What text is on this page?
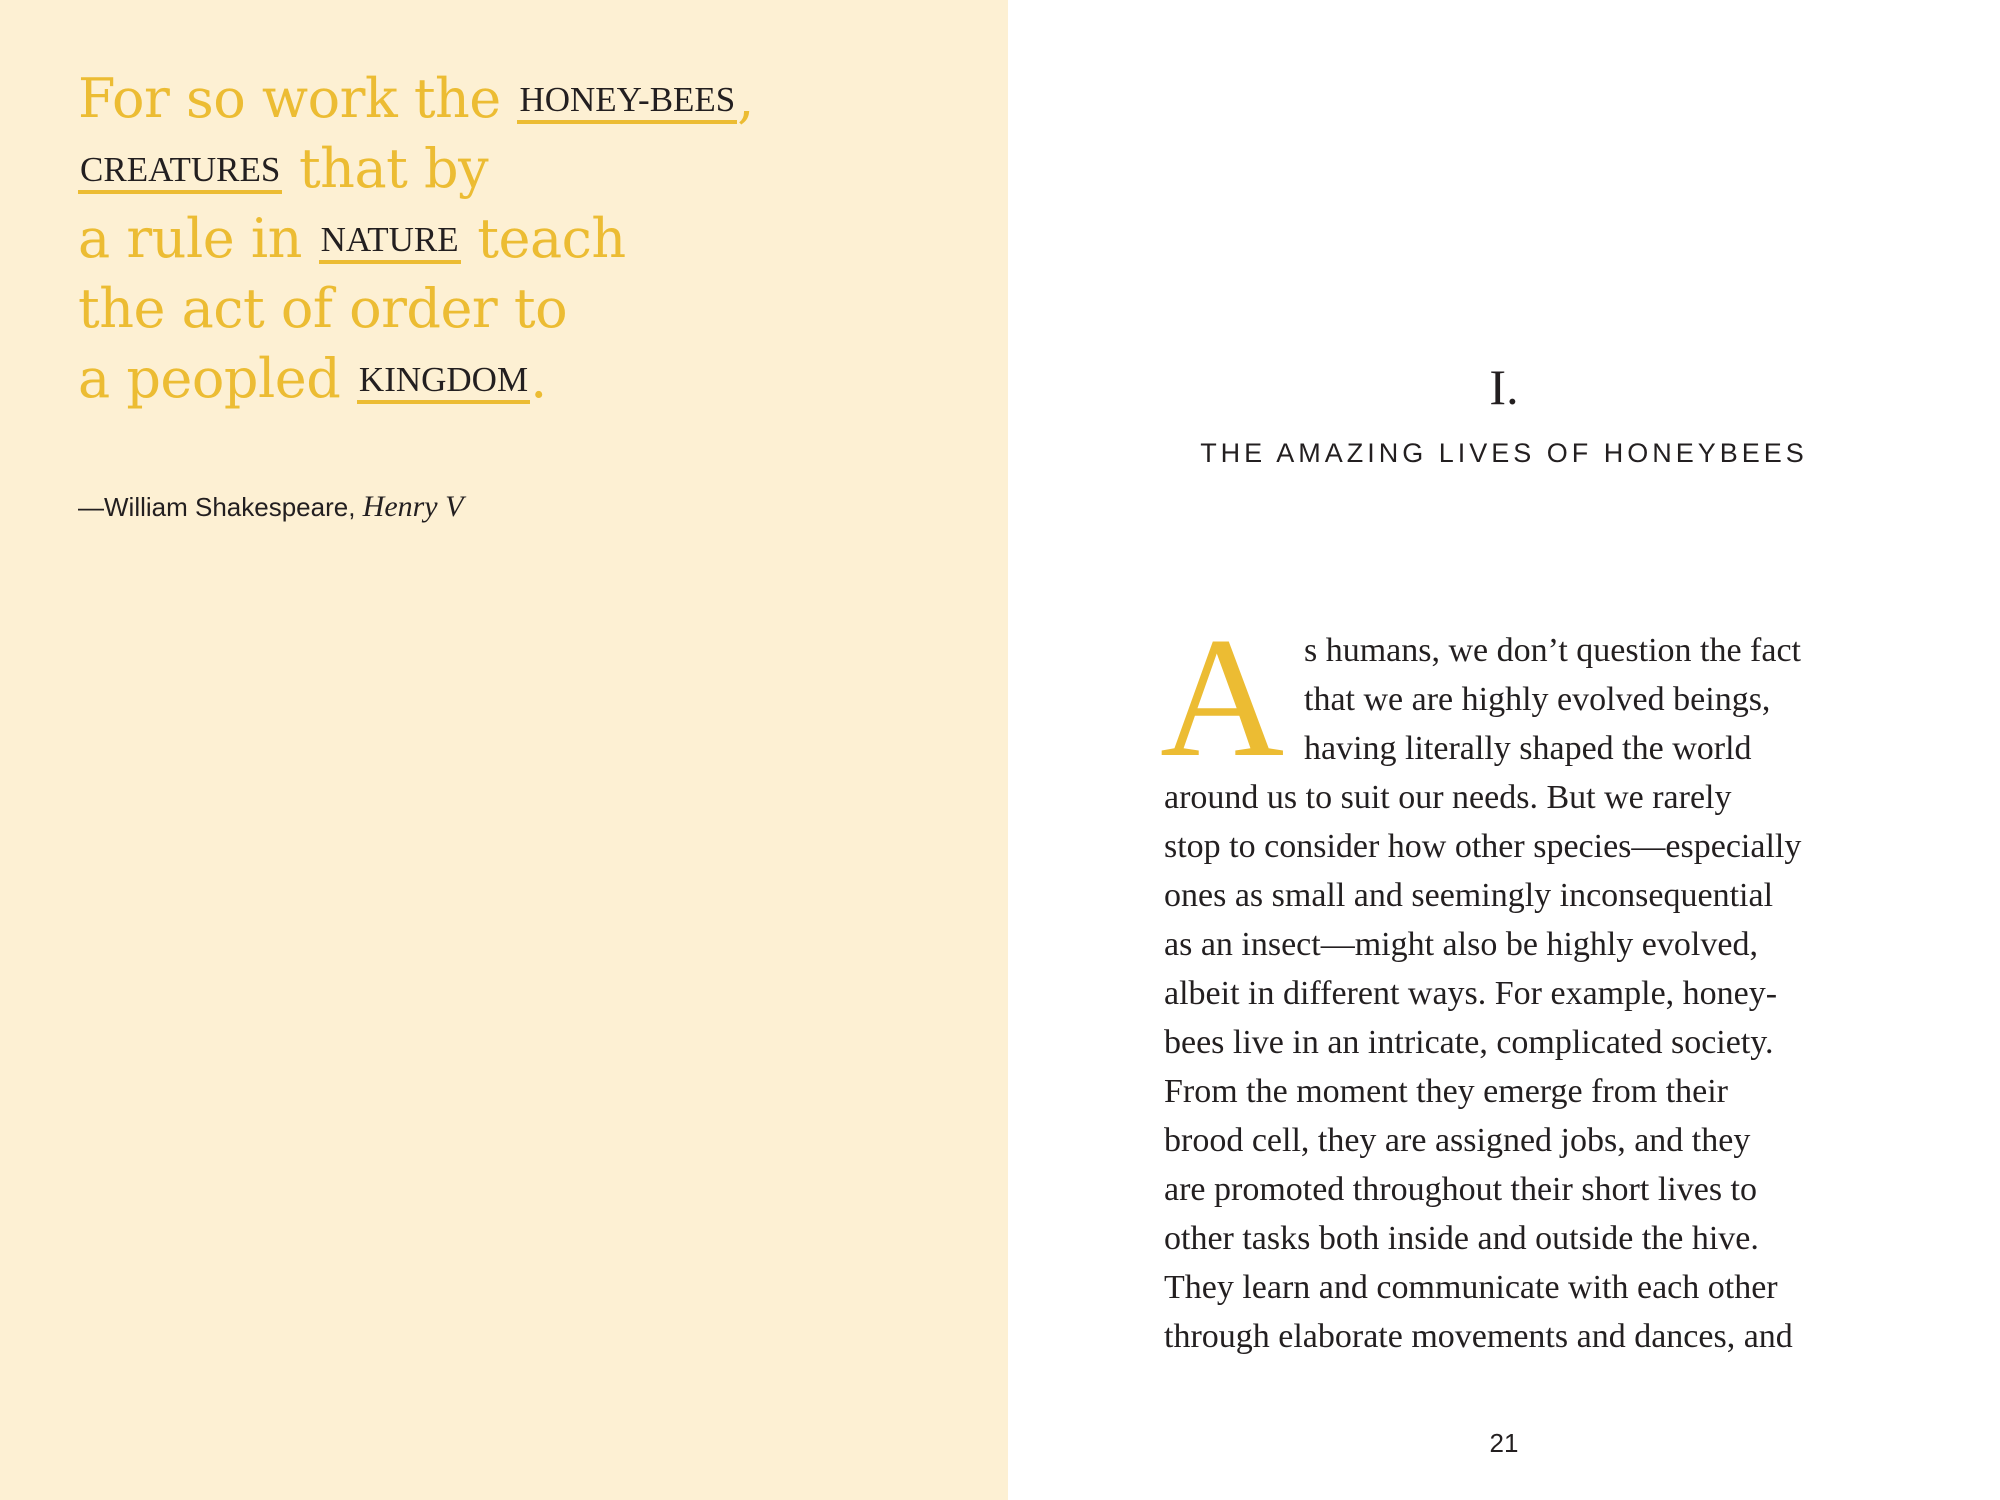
For so work the HONEY-BEES,
CREATURES that by
a rule in NATURE teach
the act of order to
a peopled KINGDOM.
—William Shakespeare, Henry V
I.
THE AMAZING LIVES OF HONEYBEES
A s humans, we don’t question the fact
that we are highly evolved beings,
having literally shaped the world
around us to suit our needs. But we rarely
stop to consider how other species—especially
ones as small and seemingly inconsequential
as an insect—might also be highly evolved,
albeit in different ways. For example, honey-
bees live in an intricate, complicated society.
From the moment they emerge from their
brood cell, they are assigned jobs, and they
are promoted throughout their short lives to
other tasks both inside and outside the hive.
They learn and communicate with each other
through elaborate movements and dances, and
21
